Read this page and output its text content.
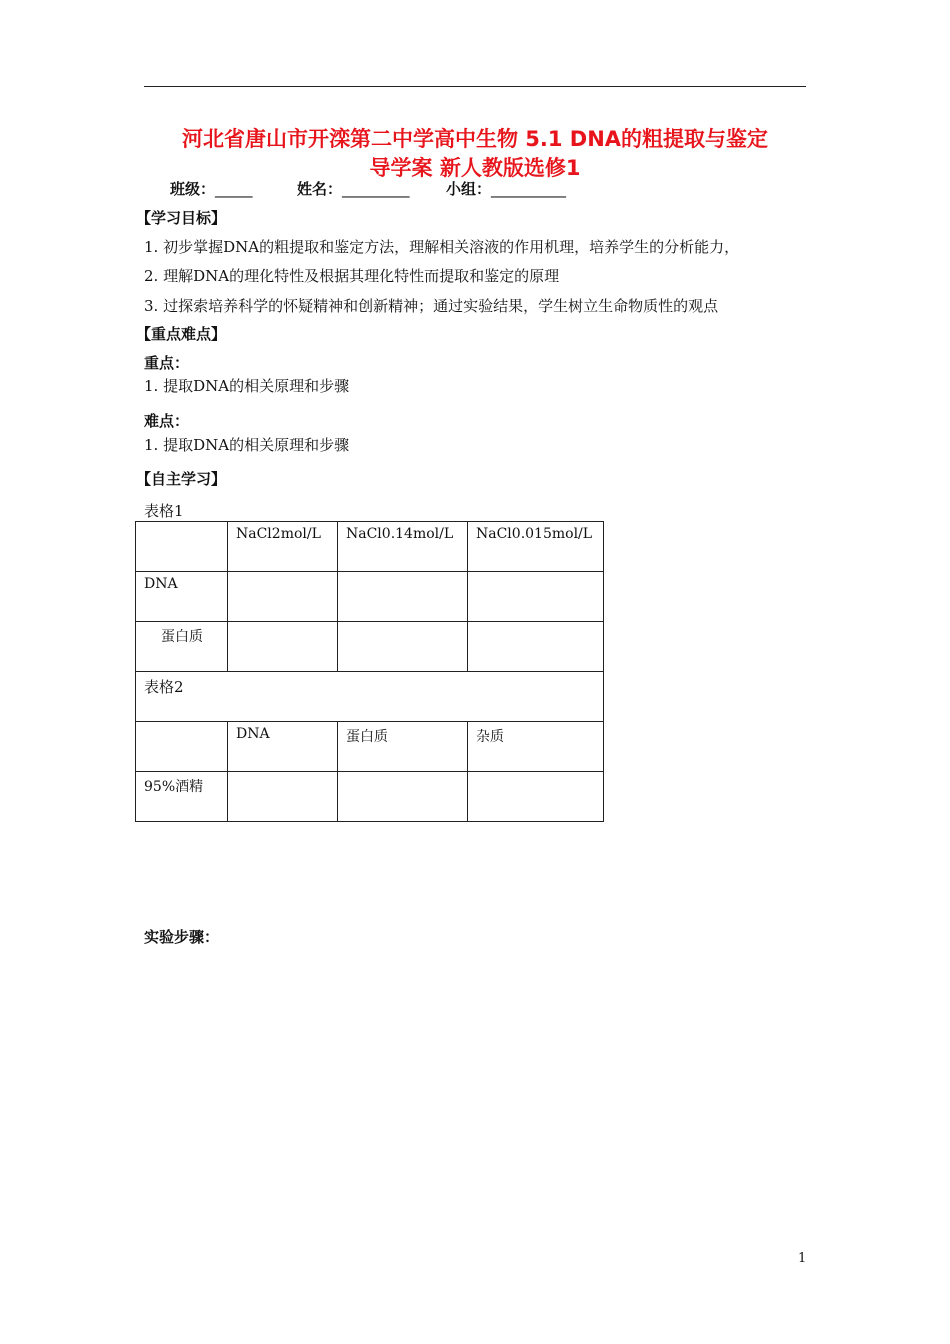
河北省唐山市开滦第二中学高中生物 5.1 DNA的粗提取与鉴定
导学案 新人教版选修1
班级：_____	姓名：_________ 小组：__________
【学习目标】
1. 初步掌握DNA的粗提取和鉴定方法，理解相关溶液的作用机理，培养学生的分析能力，
2. 理解DNA的理化特性及根据其理化特性而提取和鉴定的原理
3. 过探索培养科学的怀疑精神和创新精神；通过实验结果，学生树立生命物质性的观点
【重点难点】
重点：
1. 提取DNA的相关原理和步骤
难点：
1. 提取DNA的相关原理和步骤
【自主学习】
表格1
	NaCl2mol/L	NaCl0.14mol/L	NaCl0.015mol/L
DNA			
蛋白质			
表格2			
	DNA	蛋白质	杂质
95%酒精			
实验步骤：
1
